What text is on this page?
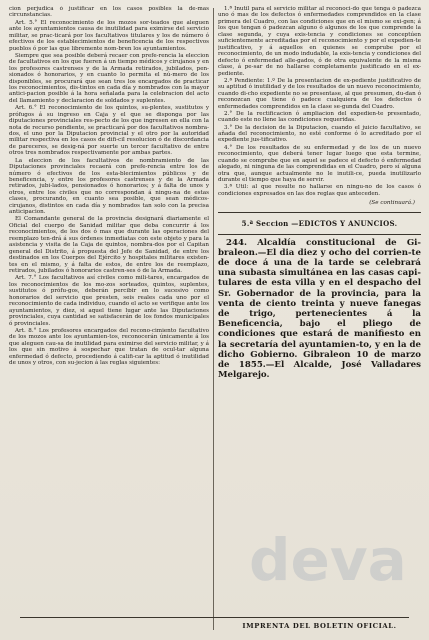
cion perjudica ó justificar en los casos posibles la de-mas circunstancias.

Art. 5.° El reconocimiento de los mozos sor-teados que aleguen ante los ayuntamientos causa de inutilidad para eximirse del servicio militar, se prac-ticará por los facultativos titulares y los de número ó efectivos de los establecimientos de beneficencia de los respectivos pueblos ó por las que libremente nom-bren los ayuntamientos.

Siempre que sea posible deberá recaer con prefe-rencia la eleccion de facultativos en los que fueren á un tiempo médicos y cirujanos y en los profesores castrenses y de la Armada retirados, jubilados, pen-sionados ó honorarios, y en cuanto lo permita el nú-mero de los disponibles, se procurará que sean tres los encargados de practicar los reconocimientos, dis-tintos en cada día y nombrados con la mayor antici-pacion posible á la hora señalada para la celebracion del acto del llamamiento y declaracion de soldados y suplentes.

Art. 6.° El reconocimiento de los quintos, su-plentes, sustitutos y prófugos á su ingreso en Caja y el que se disponga por las diputaciones provinciales res-pecto de los que ingresen en ella con la nota de recurso pendiente, se practicará por dos facultativos nombra-dos, el uno por la Diputacion provincial y el otro por la autoridad militar respectiva en los casos de difi-cil resolucion ó de discordancia de pareceres, se desig-ná por suerte un tercer facultativo de entre otros tres nombrados respectivamente por ambas partes.

La eleccion de los facultativos de nombramiento de las Diputaciones provinciales recaerá con prefe-rencia entre los de número ó efectivos de los esta-blecimientos públicos y de beneficencia, y entre los profesores castrenses y de la Armada retirados, jubi-lados, pensionados ó honorarios; y á falta de unos y otros, entre los civiles que no correspondan á ningu-na de estas clases, procurando, en cuanto sea posible, que sean médicos-cirujanos, distintos en cada día y nombrados tan solo con la precisa anticipacion.

El Comandante general de la provincia designará diariamente el Oficial del cuerpo de Sanidad militar que deba concurrir á los reconocimientos, de los dos ó mas que durante las operaciones del reemplazo ten-drá á sus órdenes inmediatas con este objeto y para la asistencia y visita de la Caja de quintos, nombra-dos por el Capitan general del Distrito, á propuesta del Jefe de Sanidad, de entre los destinados en los Cuerpos del Ejército y hospitales militares existen-tes en el mismo, y á falta de estos, de entre los de reemplazo, retirados, jubilados ó honorarios castren-ses ó de la Armada.

Art. 7.° Los facultativos así civiles como mili-tares, encargados de los reconocimientos de los mo-zos sorteados, quintos, suplentes, sustitutos ó prófu-gos, deberán percibir en lo sucesivo como honorarios del servicio que presten, seis reales cada uno por el reconocimiento de cada individuo, cuando el acto se verifique ante los ayuntamientos, y diez, si aquel tiene lugar ante las Diputaciones provinciales, cuya cantidad se satisfacerán de los fondos municipales ó provinciales.

Art. 8.° Los profesores encargados del recono-cimiento facultativo de los mozos ante los ayuntamien-tos, reconocerán únicamente á los que aleguen cau-sa de inutilidad para eximirse del servicio militar, y á los que sin motivo á sospechar que tratan de ocul-tar alguna enfermedad ó defecto, procediendo á califi-car la aptitud ó inutilidad de unos y otros, con su-jecion á las reglas siguientes:

1.ª Inutil para el servicio militar al reconoci-do que tenga ó padezca uno ó mas de los defectos ó enfermedades comprendidos en la clase primera del Cuadro, con las condiciones que en el mismo se exi-gen; á los que tengan ó padezcan alguno ó algunos de los que comprende la clase segunda, y cuya exis-tencia y condiciones se conceptúen suficientemente acreditadas por el reconocimiento y por el expedien-te justificativo, y á aquellos en quienes se comprube por el reconocimiento, de un modo indudable, la exis-tencia y condiciones del defecto ó enfermedad alle-gados, ó de otra equivalente de la misma clase, á pe-sar de no hallarse completamente justificado en el ex-pediente.

2.ª Pendiente: 1.º De la presentacion de ex-pediente justificativo de su aptitud ó inutilidad y de los resultados de un nuevo reconocimiento, cuando di-cho expediente no se presentase, al que presumen, du-dan ó reconozcan que tiene ó padece cualquiera de los defectos ó enfermedades comprendidos en la clase se-gunda del Cuadro.

2.° De la rectificacion ó ampliacion del expedien-te presentado, cuando este no llene las condiciones requeridas.

3.° De la decision de la Diputacion, cuando el juicio facultativo, se añada del reconocimiento, no esté conforme ó lo acreditado por el expediente jus-tificativo.

4.° De los resultados de su enfermedad y de los de un nuevo reconocimiento, que deberá tener lugar luego que esta termine, cuando se comprube que en aquel se padece el defecto ó enfermedad alegado, ni ninguna de las comprendidas en el Cuadro, pero sí alguna otra que, aunque actualmente no le inutili-ce, pueda inutilizarlo durante el tiempo que haya de servir.

3.ª Util: al que resulte no hallarse en ningu-no de los casos ó condiciones expresados en las dos reglas que anteceden.

(Se continuará.)
5.ª Seccion —EDICTOS Y ANUNCIOS.
244. Alcaldía constitucional de Gi-braleon.—El dia diez y ocho del corrien-te de doce á una de la tarde se celebrará una subasta simultánea en las casas capi-tulares de esta villa y en el despacho del Sr. Gobernador de la provincia, para la venta de ciento treinta y nueve fanegas de trigo, pertenecientes á la Beneficencia, bajo el pliego de condiciones que estará de manifiesto en la secretaría del ayuntamien-to, y en la de dicho Gobierno. Gibraleon 10 de marzo de 1855.—El Alcalde, José Valladares Melgarejo.
deva
IMPRENTA DEL BOLETIN OFICIAL.
